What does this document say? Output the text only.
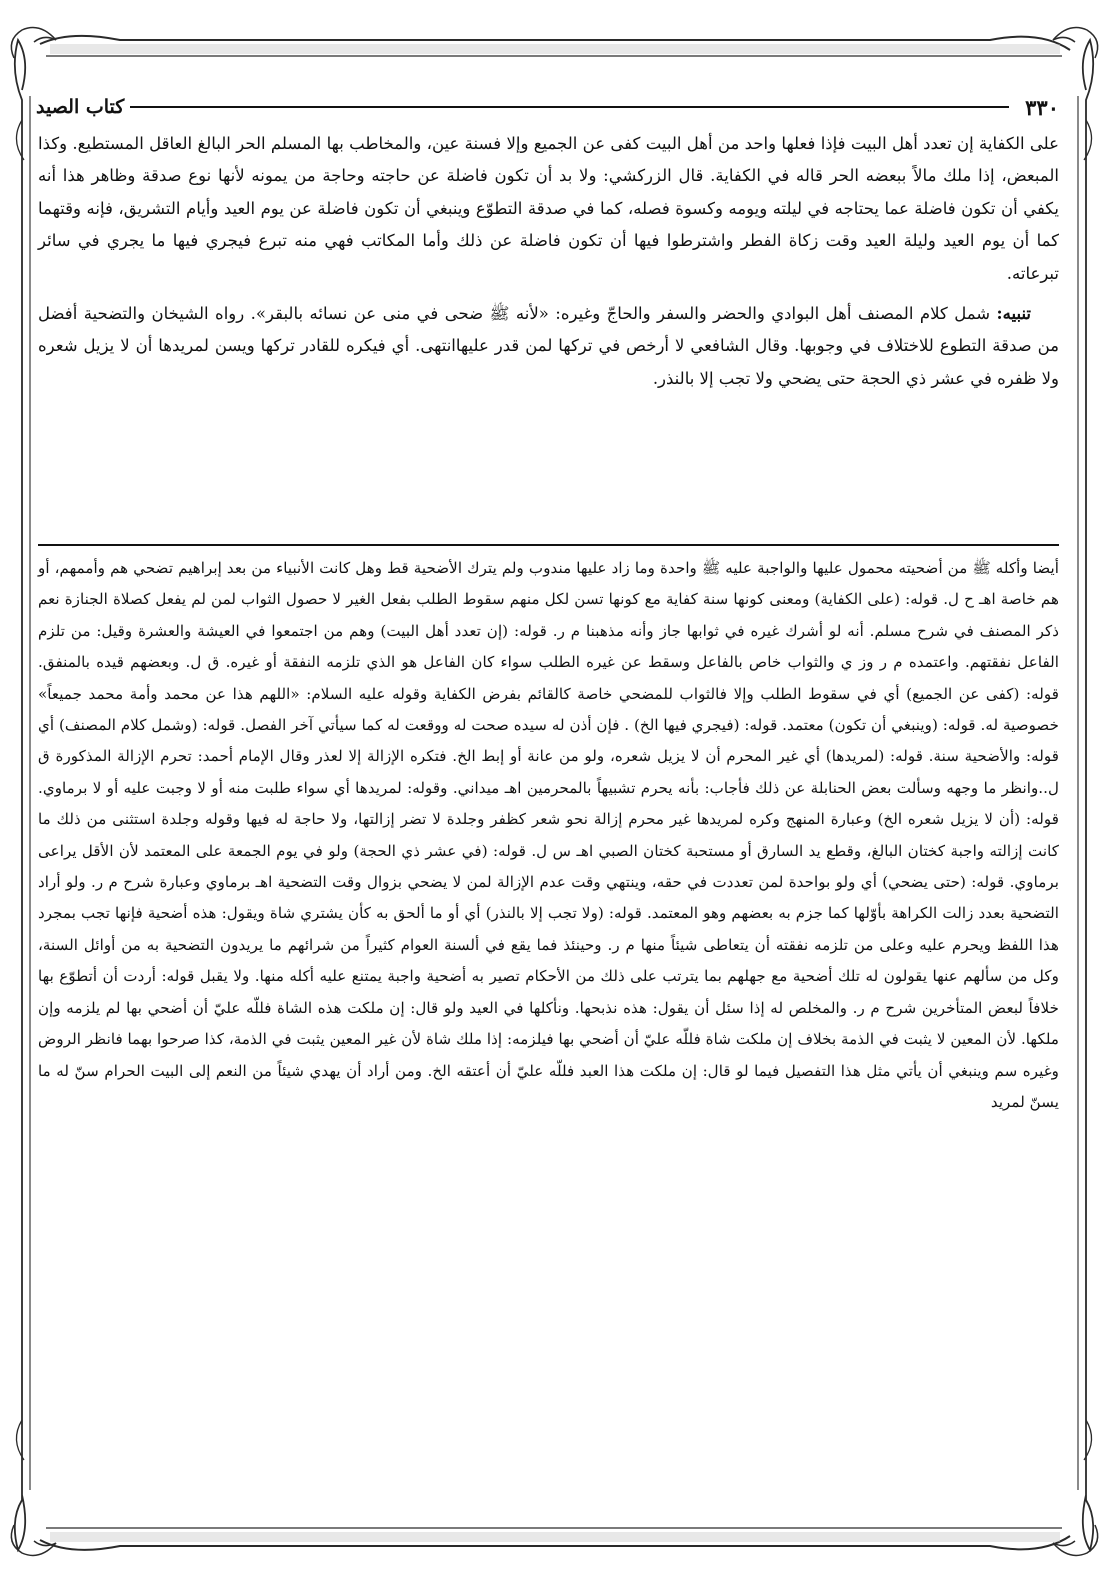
٣٣٠
كتاب الصيد

على الكفاية إن تعدد أهل البيت فإذا فعلها واحد من أهل البيت كفى عن الجميع وإلا فسنة عين، والمخاطب بها المسلم الحر البالغ العاقل المستطيع. وكذا المبعض، إذا ملك مالاً ببعضه الحر قاله في الكفاية. قال الزركشي: ولا بد أن تكون فاضلة عن حاجته وحاجة من يمونه لأنها نوع صدقة وظاهر هذا أنه يكفي أن تكون فاضلة عما يحتاجه في ليلته ويومه وكسوة فصله، كما في صدقة التطوّع وينبغي أن تكون فاضلة عن يوم العيد وأيام التشريق، فإنه وقتهما كما أن يوم العيد وليلة العيد وقت زكاة الفطر واشترطوا فيها أن تكون فاضلة عن ذلك وأما المكاتب فهي منه تبرع فيجري فيها ما يجري في سائر تبرعاته.

تنبيه: شمل كلام المصنف أهل البوادي والحضر والسفر والحاجّ وغيره: «لأنه ﷺ ضحى في منى عن نسائه بالبقر». رواه الشيخان والتضحية أفضل من صدقة التطوع للاختلاف في وجوبها. وقال الشافعي لا أرخص في تركها لمن قدر عليهاانتهى. أي فيكره للقادر تركها ويسن لمريدها أن لا يزيل شعره ولا ظفره في عشر ذي الحجة حتى يضحي ولا تجب إلا بالنذر.

أيضا وأكله ﷺ من أضحيته محمول عليها والواجبة عليه ﷺ واحدة وما زاد عليها مندوب ولم يترك الأضحية قط وهل كانت الأنبياء من بعد إبراهيم تضحي هم وأممهم، أو هم خاصة اهـ ح ل. قوله: (على الكفاية) ومعنى كونها سنة كفاية مع كونها تسن لكل منهم سقوط الطلب بفعل الغير لا حصول الثواب لمن لم يفعل كصلاة الجنازة نعم ذكر المصنف في شرح مسلم. أنه لو أشرك غيره في ثوابها جاز وأنه مذهبنا م ر. قوله: (إن تعدد أهل البيت) وهم من اجتمعوا في العيشة والعشرة وقيل: من تلزم الفاعل نفقتهم. واعتمده م ر وز ي والثواب خاص بالفاعل وسقط عن غيره الطلب سواء كان الفاعل هو الذي تلزمه النفقة أو غيره. ق ل. وبعضهم قيده بالمنفق. قوله: (كفى عن الجميع) أي في سقوط الطلب وإلا فالثواب للمضحي خاصة كالقائم بفرض الكفاية وقوله عليه السلام: «اللهم هذا عن محمد وأمة محمد جميعاً» خصوصية له. قوله: (وينبغي أن تكون) معتمد. قوله: (فيجري فيها الخ) . فإن أذن له سيده صحت له ووقعت له كما سيأتي آخر الفصل. قوله: (وشمل كلام المصنف) أي قوله: والأضحية سنة. قوله: (لمريدها) أي غير المحرم أن لا يزيل شعره، ولو من عانة أو إبط الخ. فتكره الإزالة إلا لعذر وقال الإمام أحمد: تحرم الإزالة المذكورة ق ل..وانظر ما وجهه وسألت بعض الحنابلة عن ذلك فأجاب: بأنه يحرم تشبيهاً بالمحرمين اهـ ميداني. وقوله: لمريدها أي سواء طلبت منه أو لا وجبت عليه أو لا برماوي. قوله: (أن لا يزيل شعره الخ) وعبارة المنهج وكره لمريدها غير محرم إزالة نحو شعر كظفر وجلدة لا تضر إزالتها، ولا حاجة له فيها وقوله وجلدة استثنى من ذلك ما كانت إزالته واجبة كختان البالغ، وقطع يد السارق أو مستحبة كختان الصبي اهـ س ل. قوله: (في عشر ذي الحجة) ولو في يوم الجمعة على المعتمد لأن الأقل يراعى برماوي. قوله: (حتى يضحي) أي ولو بواحدة لمن تعددت في حقه، وينتهي وقت عدم الإزالة لمن لا يضحي بزوال وقت التضحية اهـ برماوي وعبارة شرح م ر. ولو أراد التضحية بعدد زالت الكراهة بأوّلها كما جزم به بعضهم وهو المعتمد. قوله: (ولا تجب إلا بالنذر) أي أو ما ألحق به كأن يشتري شاة ويقول: هذه أضحية فإنها تجب بمجرد هذا اللفظ ويحرم عليه وعلى من تلزمه نفقته أن يتعاطى شيئاً منها م ر. وحينئذ فما يقع في ألسنة العوام كثيراً من شرائهم ما يريدون التضحية به من أوائل السنة، وكل من سألهم عنها يقولون له تلك أضحية مع جهلهم بما يترتب على ذلك من الأحكام تصير به أضحية واجبة يمتنع عليه أكله منها. ولا يقبل قوله: أردت أن أتطوّع بها خلافاً لبعض المتأخرين شرح م ر. والمخلص له إذا سئل أن يقول: هذه نذبحها. ونأكلها في العيد ولو قال: إن ملكت هذه الشاة فللّه عليّ أن أضحي بها لم يلزمه وإن ملكها. لأن المعين لا يثبت في الذمة بخلاف إن ملكت شاة فللّه عليّ أن أضحي بها فيلزمه: إذا ملك شاة لأن غير المعين يثبت في الذمة، كذا صرحوا بهما فانظر الروض وغيره سم وينبغي أن يأتي مثل هذا التفصيل فيما لو قال: إن ملكت هذا العبد فللّه عليّ أن أعتقه الخ. ومن أراد أن يهدي شيئاً من النعم إلى البيت الحرام سنّ له ما يسنّ لمريد
